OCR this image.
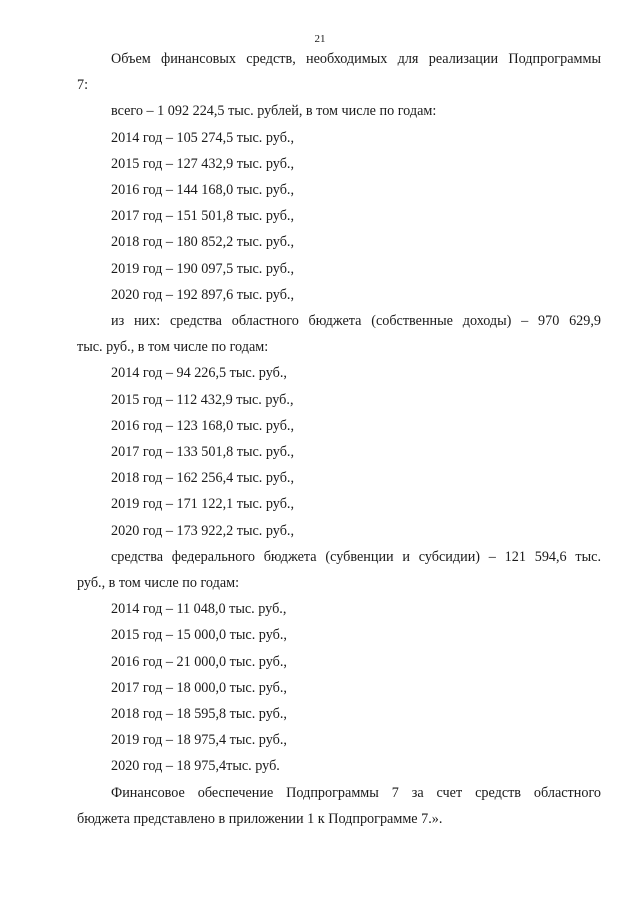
21

Объем финансовых средств, необходимых для реализации Подпрограммы

7:

всего – 1 092 224,5 тыс. рублей, в том числе по годам:

2014 год – 105 274,5 тыс. руб.,

2015 год – 127 432,9 тыс. руб.,

2016 год – 144 168,0 тыс. руб.,

2017 год – 151 501,8 тыс. руб.,

2018 год – 180 852,2 тыс. руб.,

2019 год – 190 097,5 тыс. руб.,

2020 год – 192 897,6 тыс. руб.,

из них: средства областного бюджета (собственные доходы) – 970 629,9

тыс. руб., в том числе по годам:

2014 год – 94 226,5 тыс. руб.,

2015 год – 112 432,9 тыс. руб.,

2016 год – 123 168,0 тыс. руб.,

2017 год – 133 501,8 тыс. руб.,

2018 год – 162 256,4 тыс. руб.,

2019 год – 171 122,1 тыс. руб.,

2020 год – 173 922,2 тыс. руб.,

средства федерального бюджета (субвенции и субсидии) – 121 594,6 тыс.

руб., в том числе по годам:

2014 год – 11 048,0 тыс. руб.,

2015 год – 15 000,0 тыс. руб.,

2016 год – 21 000,0 тыс. руб.,

2017 год – 18 000,0 тыс. руб.,

2018 год – 18 595,8 тыс. руб.,

2019 год – 18 975,4 тыс. руб.,

2020 год – 18 975,4тыс. руб.

Финансовое обеспечение Подпрограммы 7 за счет средств областного

бюджета представлено в приложении 1 к Подпрограмме 7.».
